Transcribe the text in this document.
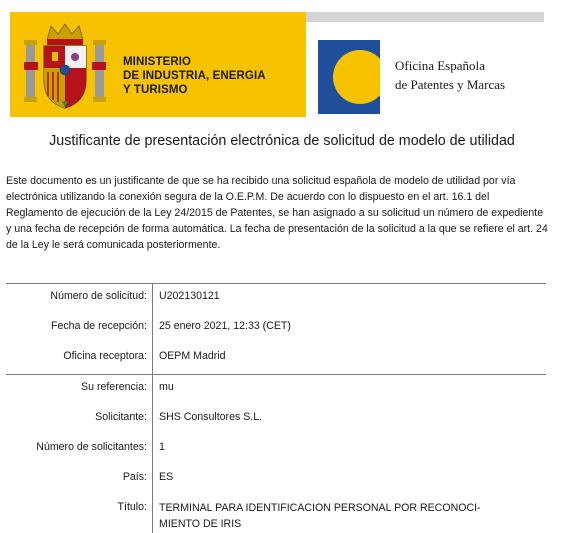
MINISTERIO
DE INDUSTRIA, ENERGIA
Y TURISMO
Oficina Española
de Patentes y Marcas
Justificante de presentación electrónica de solicitud de modelo de utilidad
Este documento es un justificante de que se ha recibido una solicitud española de modelo de utilidad por vía electrónica utilizando la conexión segura de la O.E.P.M. De acuerdo con lo dispuesto en el art. 16.1 del Reglamento de ejecución de la Ley 24/2015 de Patentes, se han asignado a su solicitud un número de expediente y una fecha de recepción de forma automática. La fecha de presentación de la solicitud a la que se refiere el art. 24 de la Ley le será comunicada posteriormente.
Número de solicitud: U202130121
Fecha de recepción: 25 enero 2021, 12:33 (CET)
Oficina receptora: OEPM Madrid
Su referencia: mu
Solicitante: SHS Consultores S.L.
Número de solicitantes: 1
País: ES
Título: TERMINAL PARA IDENTIFICACION PERSONAL POR RECONOCI-
MIENTO DE IRIS
